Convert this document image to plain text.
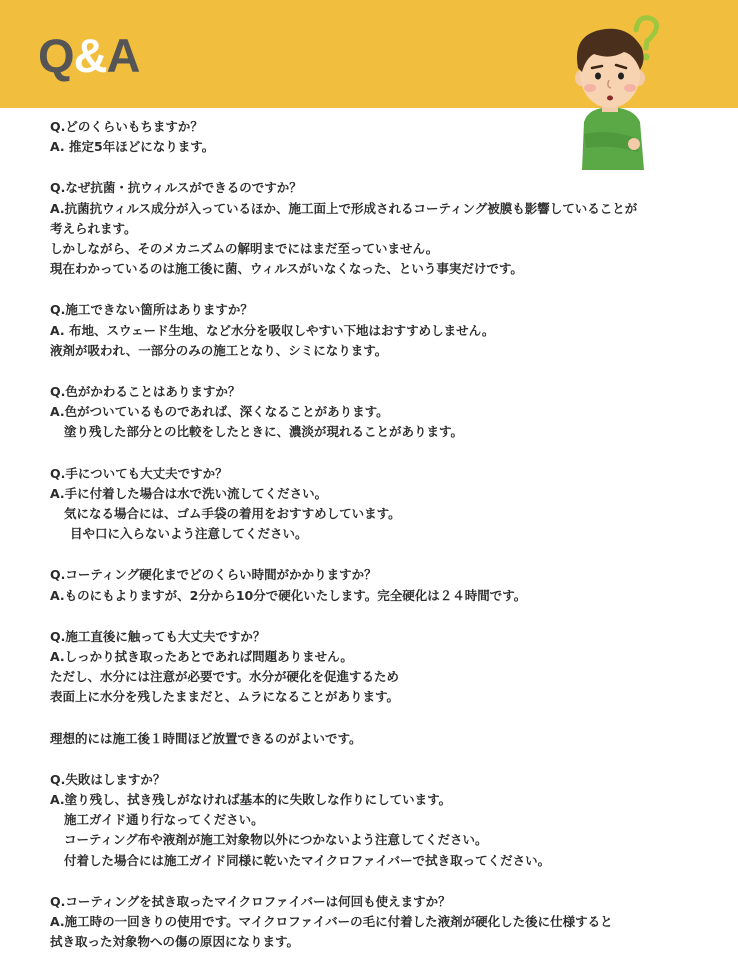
Q&A
Q.どのくらいもちますか？
A. 推定5年ほどになります。
Q.なぜ抗菌・抗ウィルスができるのですか？
A.抗菌抗ウィルス成分が入っているほか、施工面上で形成されるコーティング被膜も影響していることが
考えられます。
しかしながら、そのメカニズムの解明までにはまだ至っていません。
現在わかっているのは施工後に菌、ウィルスがいなくなった、という事実だけです。
Q.施工できない箇所はありますか？
A. 布地、スウェード生地、など水分を吸収しやすい下地はおすすめしません。
液剤が吸われ、一部分のみの施工となり、シミになります。
Q.色がかわることはありますか？
A.色がついているものであれば、深くなることがあります。
塗り残した部分との比較をしたときに、濃淡が現れることがあります。
Q.手についても大丈夫ですか？
A.手に付着した場合は水で洗い流してください。
気になる場合には、ゴム手袋の着用をおすすめしています。
目や口に入らないよう注意してください。
Q.コーティング硬化までどのくらい時間がかかりますか？
A.ものにもよりますが、2分から10分で硬化いたします。完全硬化は２４時間です。
Q.施工直後に触っても大丈夫ですか？
A.しっかり拭き取ったあとであれば問題ありません。
ただし、水分には注意が必要です。水分が硬化を促進するため
表面上に水分を残したままだと、ムラになることがあります。
理想的には施工後１時間ほど放置できるのがよいです。
Q.失敗はしますか？
A.塗り残し、拭き残しがなければ基本的に失敗しな作りにしています。
施工ガイド通り行なってください。
コーティング布や液剤が施工対象物以外につかないよう注意してください。
付着した場合には施工ガイド同様に乾いたマイクロファイバーで拭き取ってください。
Q.コーティングを拭き取ったマイクロファイバーは何回も使えますか？
A.施工時の一回きりの使用です。マイクロファイバーの毛に付着した液剤が硬化した後に仕様すると
拭き取った対象物への傷の原因になります。
